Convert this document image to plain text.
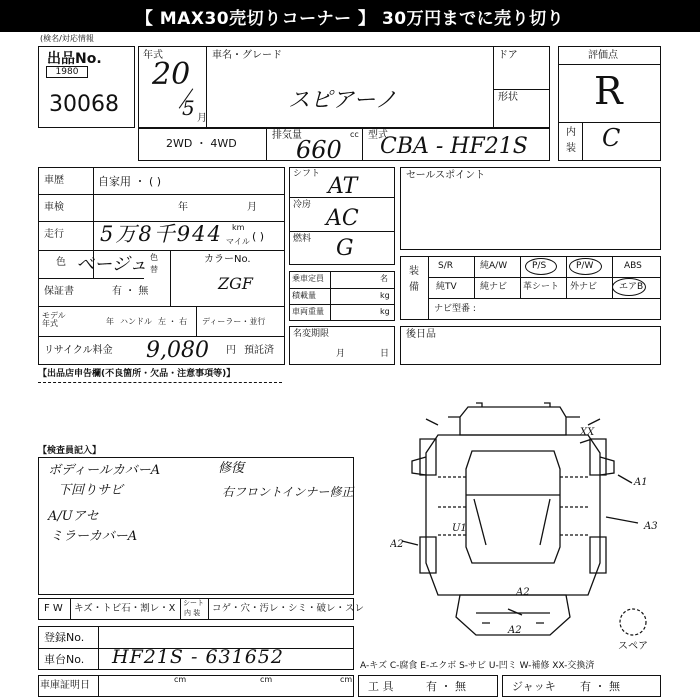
【 MAX30売切りコーナー 】 30万円までに売り切り
(検名/対応情報
出品No.
1980
30068
年式
20
5 月
車名・グレード
スピアーノ
ドア
形状
2WD ・ 4WD
排気量	cc
660
型式
CBA - HF21S
評価点
R
内
装 C
車歴	自家用 ・ ( )
車検	年	月
走行 5万8千944 km
マイル ( )
色 ベージュ 色
替
カラーNo.
ZGF
保証書	有 ・ 無
モデル年式	年 ハンドル 左 ・ 右 ディーラー・並行
リサイクル料金 9,080 円 預託済
シフト AT
冷房
AC
燃料 G
乗車定員	名
積載量	kg
車両重量	kg
名変期限
月	日
セールスポイント
装
備
S/R	純A/W	P/S	P/W	ABS
純TV	純ナビ 革シート 外ナビ エアB
ナビ型番 :
後日品
【出品店申告欄(不良箇所・欠品・注意事項等)】
【検査員記入】
ボディールカバーA
下回りサビ
A/Uアセ
ミラーカバーA
修復
右フロントインナー修正
F W キズ・トビ石・割レ・X シート
内 装 コゲ・穴・汚レ・シミ・破レ・スレ
登録No.
車台No. HF21S - 631652
車庫証明日
cm	cm	cm
工 具	有 ・ 無	ジャッキ 有 ・ 無
A-キズ C-腐食 E-エクボ S-サビ U-凹ミ W-補修 XX-交換済
XX
A1
A3
A2
U1
A2
A2
スペア
